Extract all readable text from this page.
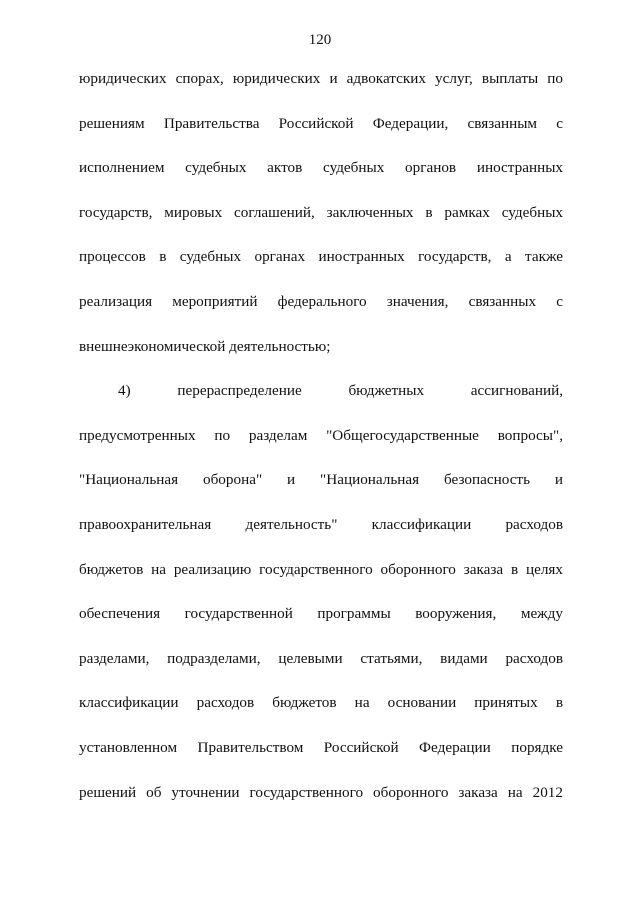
120
юридических спорах, юридических и адвокатских услуг, выплаты по
решениям Правительства Российской Федерации, связанным с
исполнением судебных актов судебных органов иностранных
государств, мировых соглашений, заключенных в рамках судебных
процессов в судебных органах иностранных государств, а также
реализация мероприятий федерального значения, связанных с
внешнеэкономической деятельностью;
4) перераспределение бюджетных ассигнований,
предусмотренных по разделам "Общегосударственные вопросы",
"Национальная оборона" и "Национальная безопасность и
правоохранительная деятельность" классификации расходов
бюджетов на реализацию государственного оборонного заказа в целях
обеспечения государственной программы вооружения, между
разделами, подразделами, целевыми статьями, видами расходов
классификации расходов бюджетов на основании принятых в
установленном Правительством Российской Федерации порядке
решений об уточнении государственного оборонного заказа на 2012
